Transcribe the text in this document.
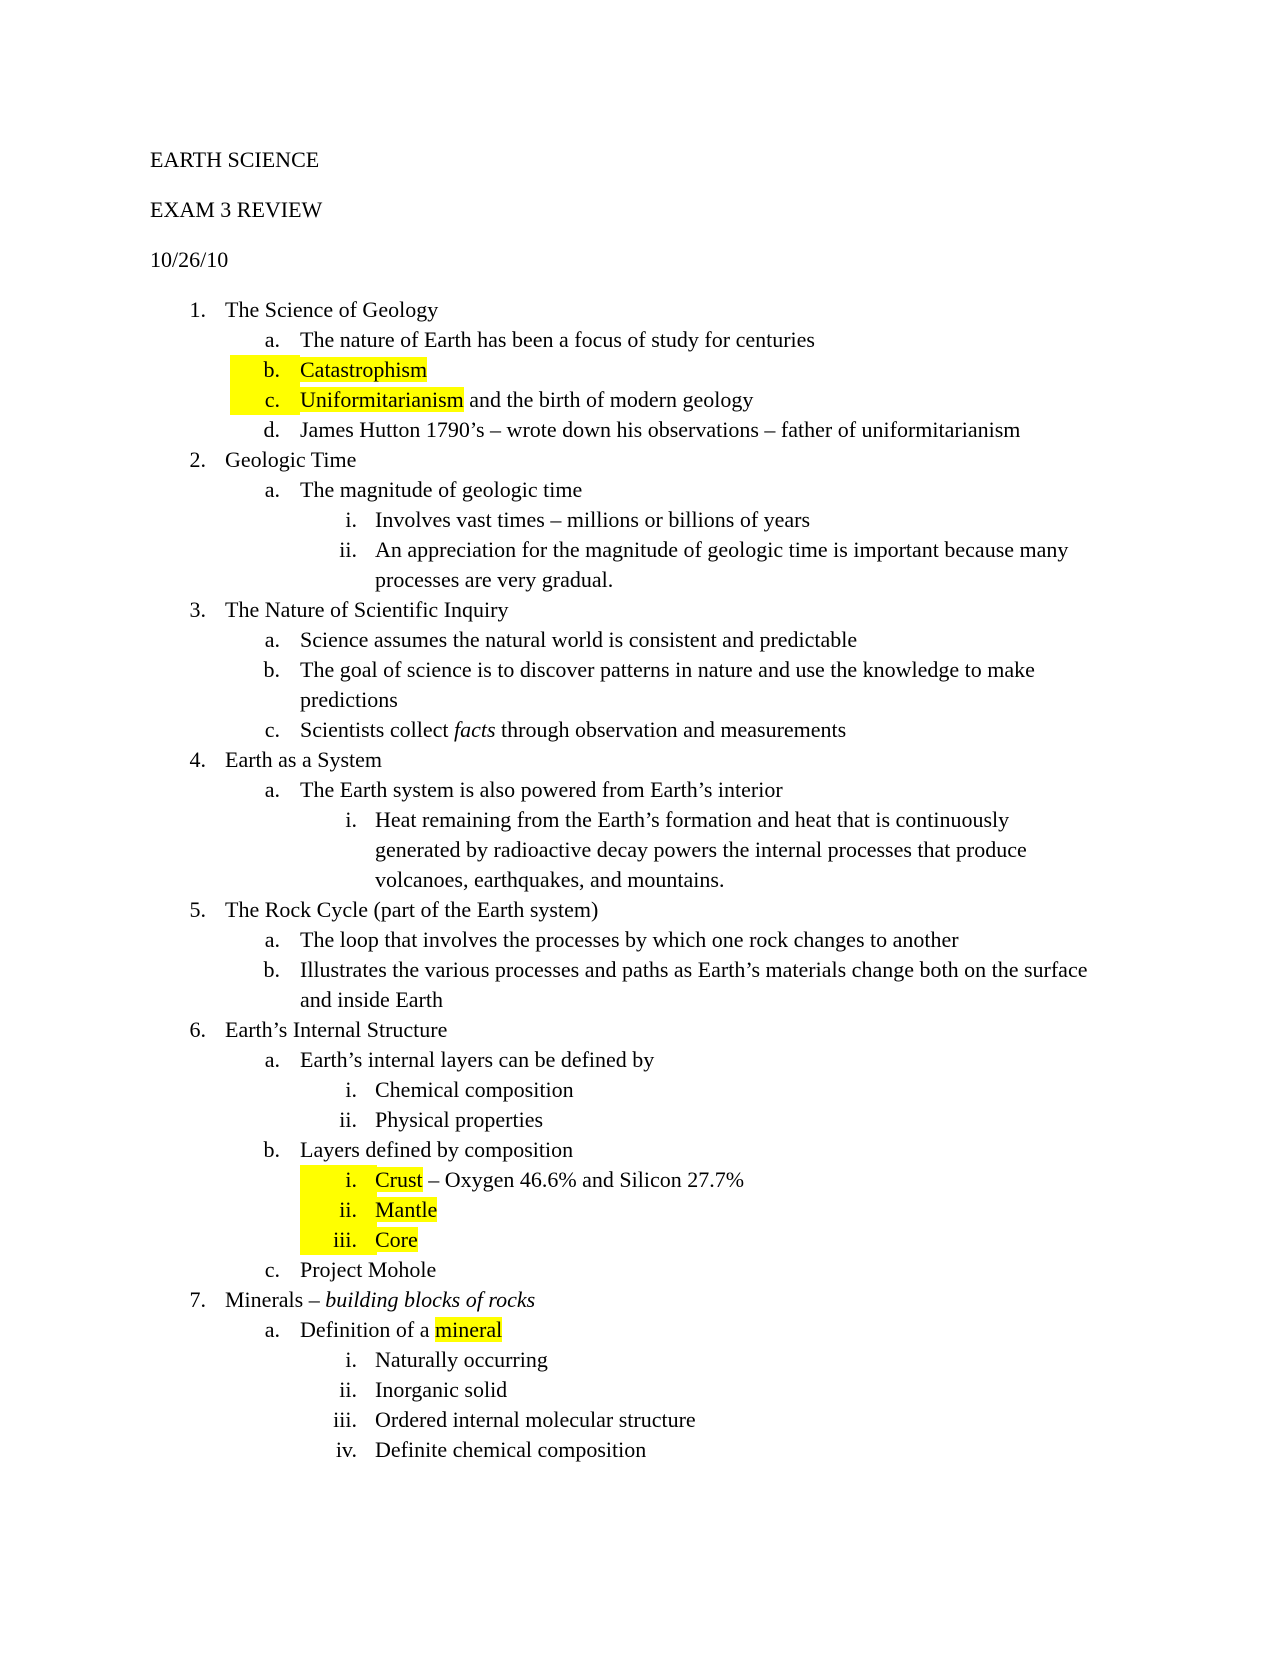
EARTH SCIENCE
EXAM 3 REVIEW
10/26/10
1. The Science of Geology
a. The nature of Earth has been a focus of study for centuries
b. Catastrophism
c. Uniformitarianism and the birth of modern geology
d. James Hutton 1790’s – wrote down his observations – father of uniformitarianism
2. Geologic Time
a. The magnitude of geologic time
i. Involves vast times – millions or billions of years
ii. An appreciation for the magnitude of geologic time is important because many
processes are very gradual.
3. The Nature of Scientific Inquiry
a. Science assumes the natural world is consistent and predictable
b. The goal of science is to discover patterns in nature and use the knowledge to make
predictions
c. Scientists collect facts through observation and measurements
4. Earth as a System
a. The Earth system is also powered from Earth’s interior
i. Heat remaining from the Earth’s formation and heat that is continuously
generated by radioactive decay powers the internal processes that produce
volcanoes, earthquakes, and mountains.
5. The Rock Cycle (part of the Earth system)
a. The loop that involves the processes by which one rock changes to another
b. Illustrates the various processes and paths as Earth’s materials change both on the surface
and inside Earth
6. Earth’s Internal Structure
a. Earth’s internal layers can be defined by
i. Chemical composition
ii. Physical properties
b. Layers defined by composition
i. Crust – Oxygen 46.6% and Silicon 27.7%
ii. Mantle
iii. Core
c. Project Mohole
7. Minerals – building blocks of rocks
a. Definition of a mineral
i. Naturally occurring
ii. Inorganic solid
iii. Ordered internal molecular structure
iv. Definite chemical composition
